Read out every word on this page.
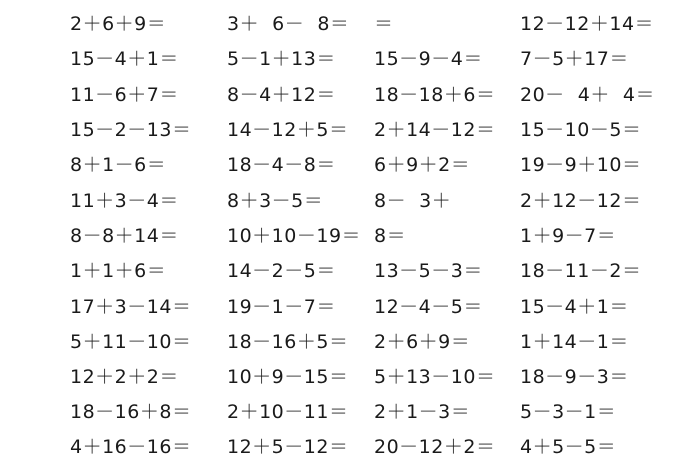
2＋6＋9＝	3＋  6－  8＝ ＝	12－12＋14＝
15－4＋1＝	5－1＋13＝ 15－9－4＝ 7－5＋17＝
11－6＋7＝	8－4＋12＝ 18－18＋6＝ 20－  4＋  4＝
15－2－13＝ 14－12＋5＝ 2＋14－12＝ 15－10－5＝
8＋1－6＝	18－4－8＝ 6＋9＋2＝	19－9＋10＝
11＋3－4＝	8＋3－5＝	8－  3＋	2＋12－12＝
8－8＋14＝	10＋10－19＝ 8＝	1＋9－7＝
1＋1＋6＝	14－2－5＝ 13－5－3＝ 18－11－2＝
17＋3－14＝ 19－1－7＝ 12－4－5＝ 15－4＋1＝
5＋11－10＝ 18－16＋5＝ 2＋6＋9＝	1＋14－1＝
12＋2＋2＝	10＋9－15＝ 5＋13－10＝ 18－9－3＝
18－16＋8＝ 2＋10－11＝ 2＋1－3＝	5－3－1＝
4＋16－16＝ 12＋5－12＝ 20－12＋2＝ 4＋5－5＝
